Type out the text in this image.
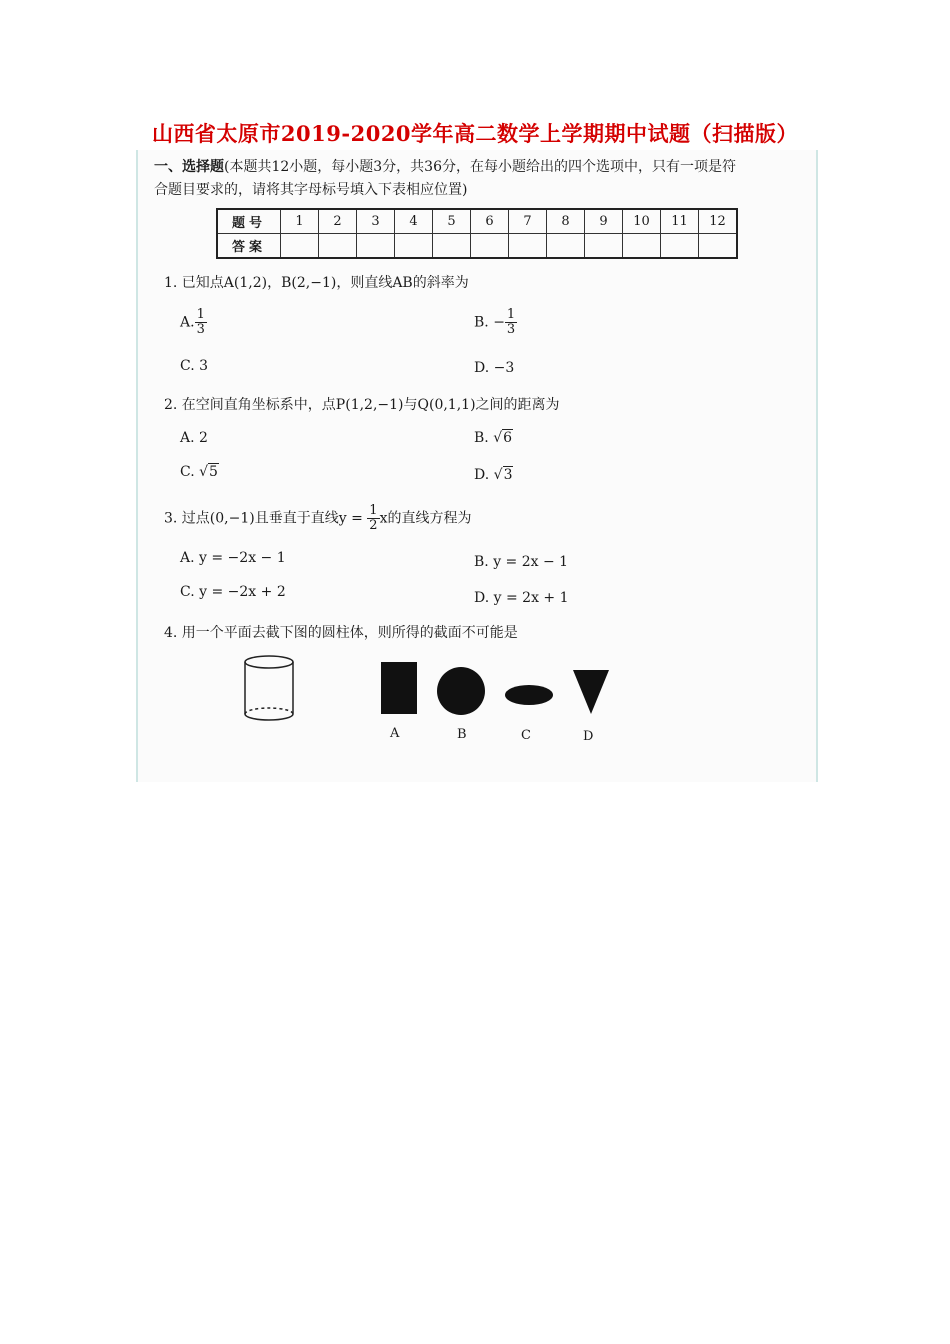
山西省太原市2019-2020学年高二数学上学期期中试题（扫描版）
一、选择题(本题共12小题，每小题3分，共36分，在每小题给出的四个选项中，只有一项是符
合题目要求的，请将其字母标号填入下表相应位置)
题号	1	2	3	4	5	6	7	8	9	10	11	12
答案												
1. 已知点A(1,2)，B(2,−1)，则直线AB的斜率为
A. $\frac{1}{3}$	B. − $\frac{1}{3}$
C. 3	D. −3
2. 在空间直角坐标系中，点P(1,2,−1)与Q(0,1,1)之间的距离为
A. 2	B. √6
C. √5	D. √3
3. 过点(0,−1)且垂直于直线$y = \frac{1}{2}$ x的直线方程为
A. y = −2x − 1	B. y = 2x − 1
C. y = −2x + 2	D. y = 2x + 1
4. 用一个平面去截下图的圆柱体，则所得的截面不可能是
A	B	C	D
